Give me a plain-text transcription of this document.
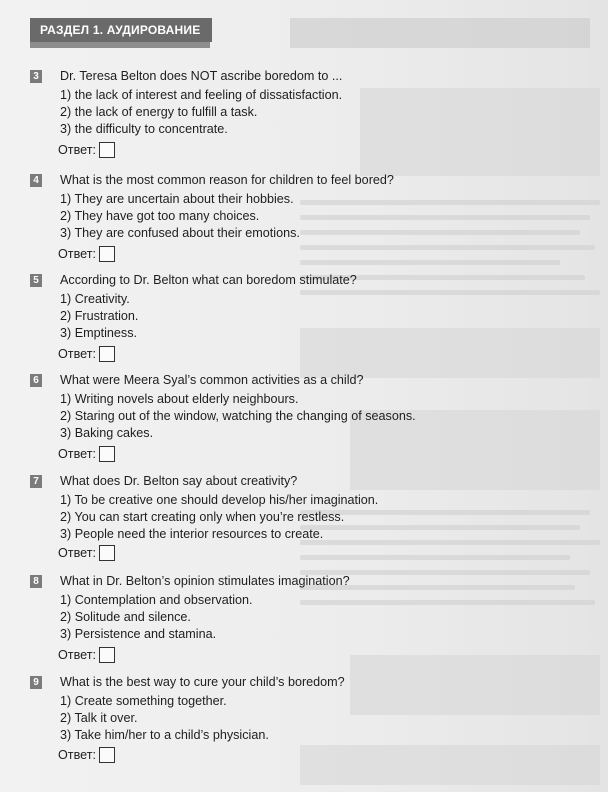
РАЗДЕЛ 1. АУДИРОВАНИЕ
3 Dr. Teresa Belton does NOT ascribe boredom to ...
1) the lack of interest and feeling of dissatisfaction.
2) the lack of energy to fulfill a task.
3) the difficulty to concentrate.
Ответ:
4 What is the most common reason for children to feel bored?
1) They are uncertain about their hobbies.
2) They have got too many choices.
3) They are confused about their emotions.
Ответ:
5 According to Dr. Belton what can boredom stimulate?
1) Creativity.
2) Frustration.
3) Emptiness.
Ответ:
6 What were Meera Syal’s common activities as a child?
1) Writing novels about elderly neighbours.
2) Staring out of the window, watching the changing of seasons.
3) Baking cakes.
Ответ:
7 What does Dr. Belton say about creativity?
1) To be creative one should develop his/her imagination.
2) You can start creating only when you’re restless.
3) People need the interior resources to create.
Ответ:
8 What in Dr. Belton’s opinion stimulates imagination?
1) Contemplation and observation.
2) Solitude and silence.
3) Persistence and stamina.
Ответ:
9 What is the best way to cure your child’s boredom?
1) Create something together.
2) Talk it over.
3) Take him/her to a child’s physician.
Ответ:
